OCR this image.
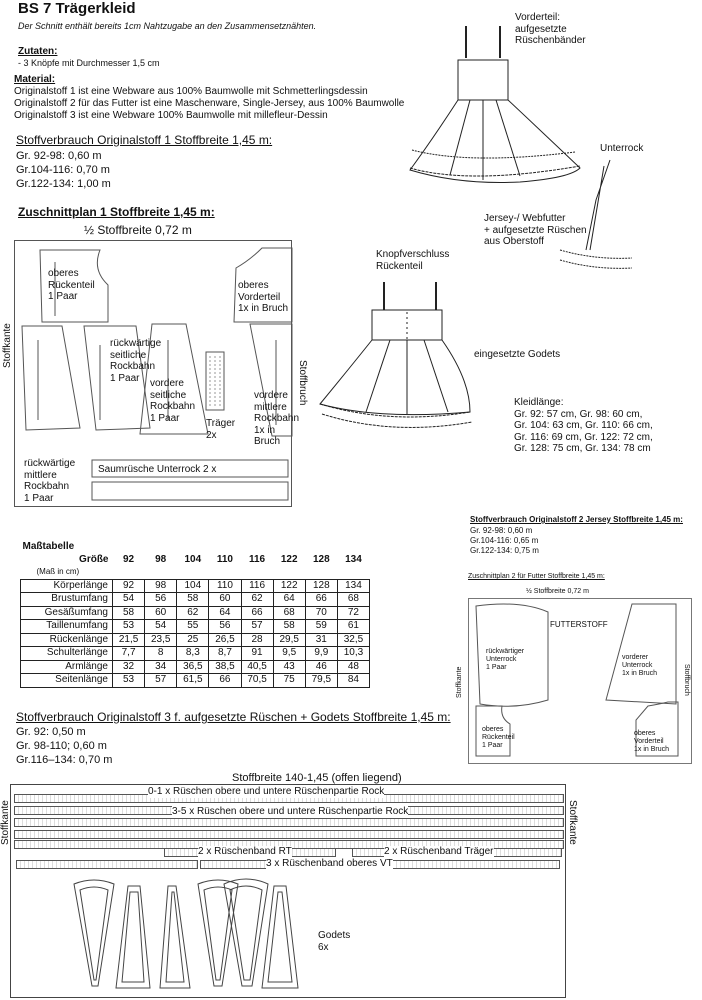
BS 7 Trägerkleid
Der Schnitt enthält bereits 1cm Nahtzugabe an den Zusammensetznähten.
Zutaten:
- 3 Knöpfe mit Durchmesser 1,5 cm
Material:
Originalstoff 1 ist eine Webware aus 100% Baumwolle mit Schmetterlingsdessin
Originalstoff 2 für das Futter ist eine Maschenware, Single-Jersey, aus 100% Baumwolle
Originalstoff 3 ist eine Webware 100% Baumwolle mit millefleur-Dessin
Stoffverbrauch Originalstoff 1 Stoffbreite 1,45 m:
Gr. 92-98: 0,60 m
Gr.104-116: 0,70 m
Gr.122-134: 1,00 m
Zuschnittplan 1 Stoffbreite 1,45 m:
½ Stoffbreite 0,72 m
Stoffkante
Stoffbruch
oberes
Rückenteil
1 Paar
rückwärtige
seitliche
Rockbahn
1 Paar	vordere
seitliche
Rockbahn
1 Paar	Träger
2x
oberes
Vorderteil
1x in Bruch
vordere
mittlere
Rockbahn
1x in
Bruch
rückwärtige
mittlere
Rockbahn
1 Paar
Saumrüsche Unterrock 2 x
Vorderteil:
aufgesetzte
Rüschenbänder
Unterrock
Jersey-/ Webfutter
+ aufgesetzte Rüschen
aus Oberstoff
Knopfverschluss
Rückenteil
eingesetzte Godets
Kleidlänge:
Gr. 92: 57 cm, Gr. 98: 60 cm,
Gr. 104: 63 cm, Gr. 110: 66 cm,
Gr. 116: 69 cm, Gr. 122: 72 cm,
Gr. 128: 75 cm, Gr. 134: 78 cm
Stoffverbrauch Originalstoff 2 Jersey Stoffbreite 1,45 m:
Gr. 92-98: 0,60 m
Gr.104-116: 0,65 m
Gr.122-134: 0,75 m
Zuschnittplan 2 für Futter Stoffbreite 1,45 m:
½ Stoffbreite 0,72 m
FUTTERSTOFF
Stoffkante	Stoffbruch
rückwärtiger
Unterrock
1 Paar
vorderer
Unterrock
1x in Bruch
oberes
Rückenteil
1 Paar
oberes
Vorderteil
1x in Bruch
Maßtabelle								
Größe	92	98	104	110	116	122	128	134
(Maß in cm)								
Körperlänge	92	98	104	110	116	122	128	134
Brustumfang	54	56	58	60	62	64	66	68
Gesäßumfang	58	60	62	64	66	68	70	72
Taillenumfang	53	54	55	56	57	58	59	61
Rückenlänge	21,5	23,5	25	26,5	28	29,5	31	32,5
Schulterlänge	7,7	8	8,3	8,7	91	9,5	9,9	10,3
Armlänge	32	34	36,5	38,5	40,5	43	46	48
Seitenlänge	53	57	61,5	66	70,5	75	79,5	84
Stoffverbrauch Originalstoff 3 f. aufgesetzte Rüschen + Godets Stoffbreite 1,45 m:
Gr. 92: 0,50 m
Gr. 98-110; 0,60 m
Gr.116–134: 0,70 m
Stoffbreite 140-1,45 (offen liegend)
Stoffkante	Stoffkante
0-1 x Rüschen obere und untere Rüschenpartie Rock
3-5 x Rüschen obere und untere Rüschenpartie Rock
2 x Rüschenband RT	2 x Rüschenband Träger
3 x Rüschenband oberes VT
Godets
6x
